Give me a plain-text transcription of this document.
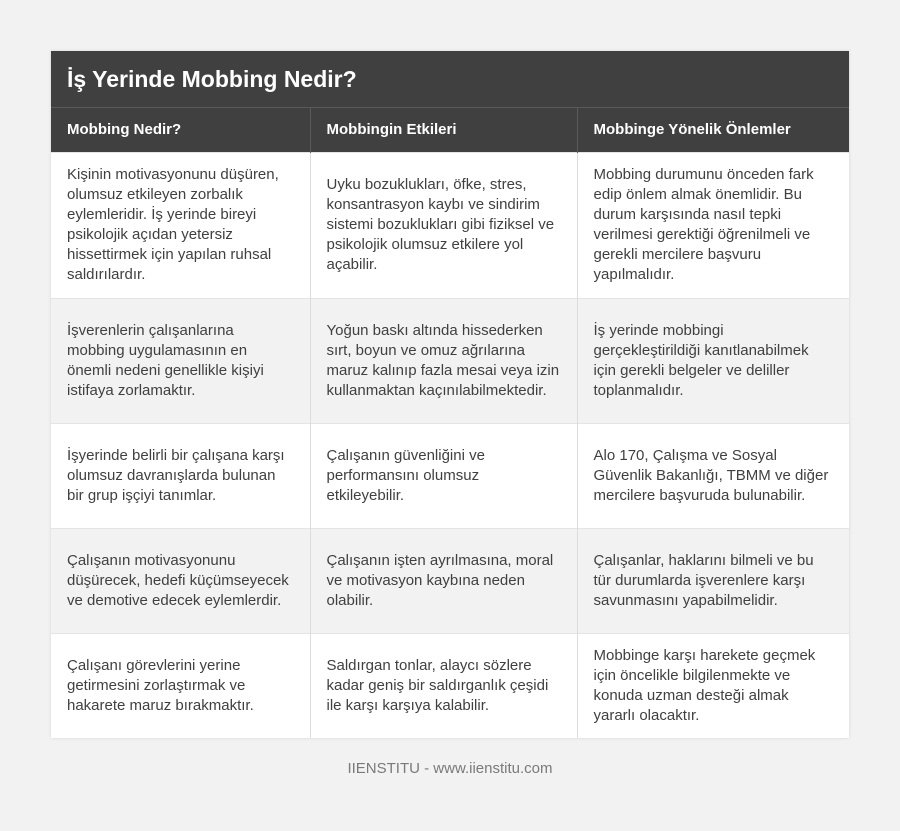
İş Yerinde Mobbing Nedir?
Mobbing Nedir?	Mobbingin Etkileri	Mobbinge Yönelik Önlemler
Kişinin motivasyonunu düşüren, olumsuz etkileyen zorbalık eylemleridir. İş yerinde bireyi psikolojik açıdan yetersiz hissettirmek için yapılan ruhsal saldırılardır.	Uyku bozuklukları, öfke, stres, konsantrasyon kaybı ve sindirim sistemi bozuklukları gibi fiziksel ve psikolojik olumsuz etkilere yol açabilir.	Mobbing durumunu önceden fark edip önlem almak önemlidir. Bu durum karşısında nasıl tepki verilmesi gerektiği öğrenilmeli ve gerekli mercilere başvuru yapılmalıdır.
İşverenlerin çalışanlarına mobbing uygulamasının en önemli nedeni genellikle kişiyi istifaya zorlamaktır.	Yoğun baskı altında hissederken sırt, boyun ve omuz ağrılarına maruz kalınıp fazla mesai veya izin kullanmaktan kaçınılabilmektedir.	İş yerinde mobbingi gerçekleştirildiği kanıtlanabilmek için gerekli belgeler ve deliller toplanmalıdır.
İşyerinde belirli bir çalışana karşı olumsuz davranışlarda bulunan bir grup işçiyi tanımlar.	Çalışanın güvenliğini ve performansını olumsuz etkileyebilir.	Alo 170, Çalışma ve Sosyal Güvenlik Bakanlığı, TBMM ve diğer mercilere başvuruda bulunabilir.
Çalışanın motivasyonunu düşürecek, hedefi küçümseyecek ve demotive edecek eylemlerdir.	Çalışanın işten ayrılmasına, moral ve motivasyon kaybına neden olabilir.	Çalışanlar, haklarını bilmeli ve bu tür durumlarda işverenlere karşı savunmasını yapabilmelidir.
Çalışanı görevlerini yerine getirmesini zorlaştırmak ve hakarete maruz bırakmaktır.	Saldırgan tonlar, alaycı sözlere kadar geniş bir saldırganlık çeşidi ile karşı karşıya kalabilir.	Mobbinge karşı harekete geçmek için öncelikle bilgilenmekte ve konuda uzman desteği almak yararlı olacaktır.
IIENSTITU - www.iienstitu.com
